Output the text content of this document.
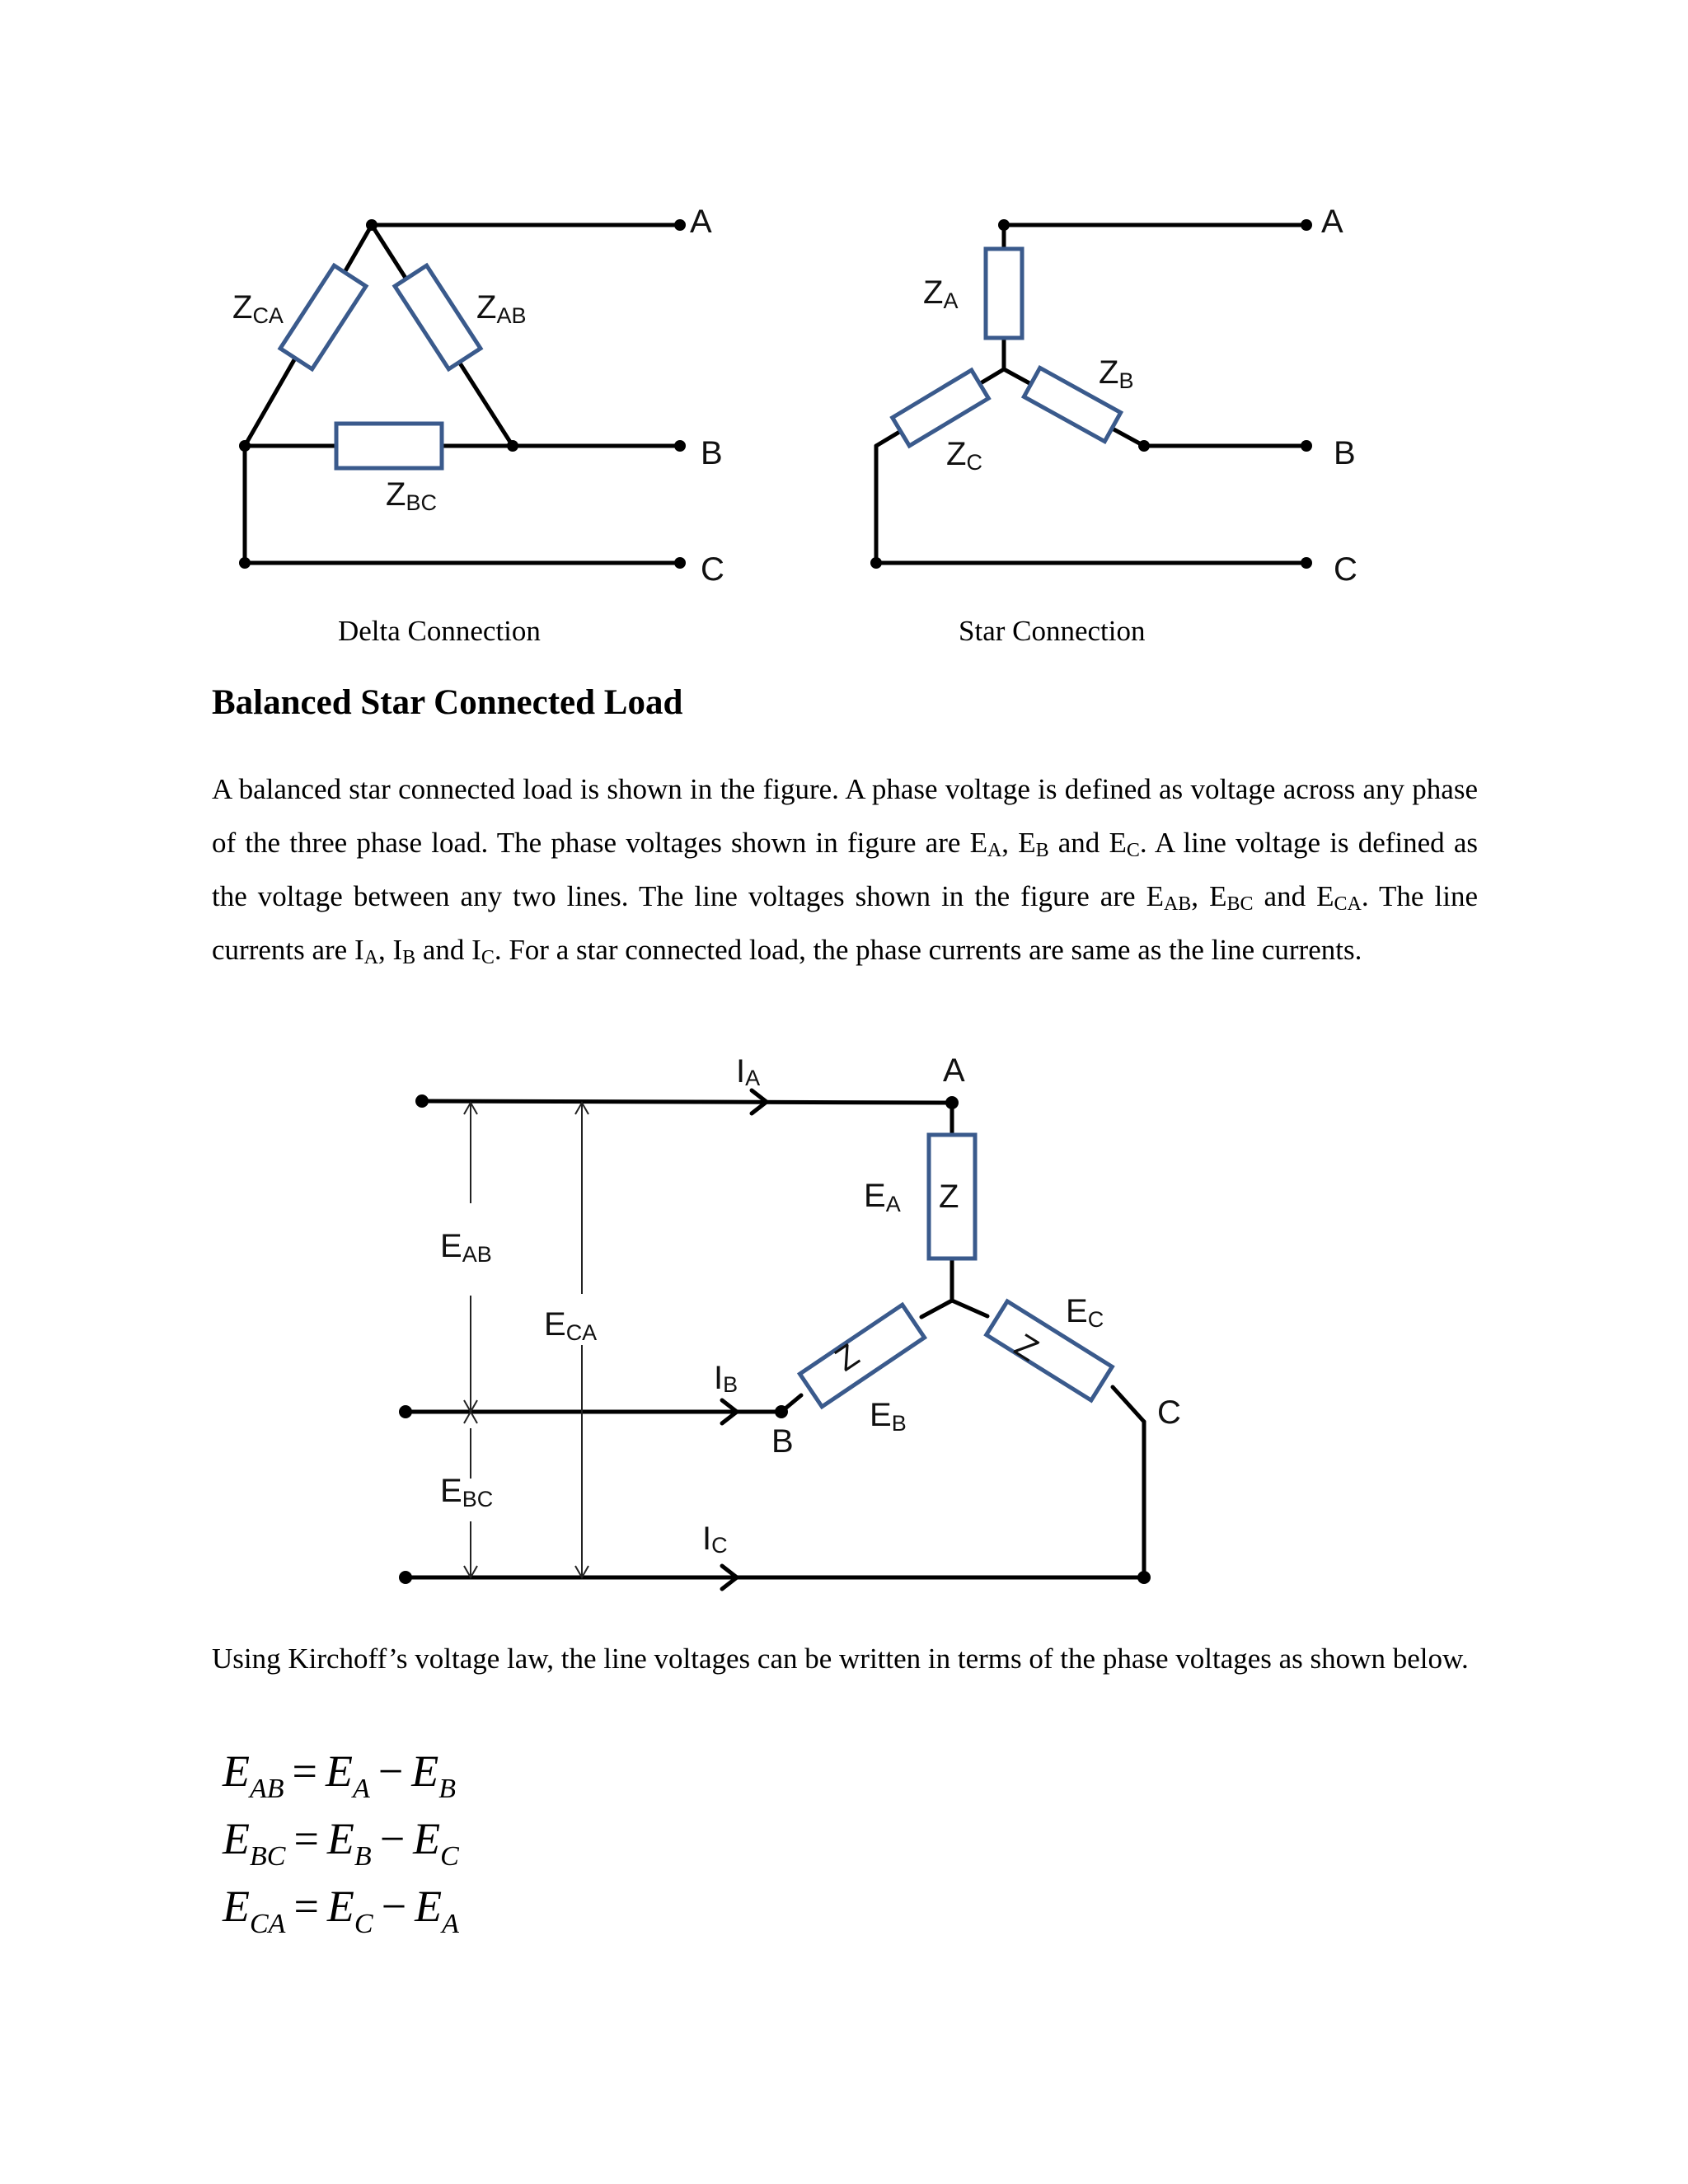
A
B
C
ZCA	ZAB
ZBC
A
B
C
ZA
ZB
ZC
A
B
C
IA
IB
IC
EAB
ECA
EBC
EA
EB
EC
Z
Z	Z
Delta Connection	Star Connection
Balanced Star Connected Load
A balanced star connected load is shown in the figure. A phase voltage is defined as voltage across any phase of the three phase load. The phase voltages shown in figure are $E_A$, $E_B$ and $E_C$. A line voltage is defined as the voltage between any two lines. The line voltages shown in the figure are $E_{AB}$, $E_{BC}$ and $E_{CA}$. The line currents are $I_A$, $I_B$ and $I_C$. For a star connected load, the phase currents are same as the line currents.
Using Kirchoff’s voltage law, the line voltages can be written in terms of the phase voltages as shown below.
$E_{AB} = E_A - E_B$
$E_{BC} = E_B - E_C$
$E_{CA} = E_C - E_A$
